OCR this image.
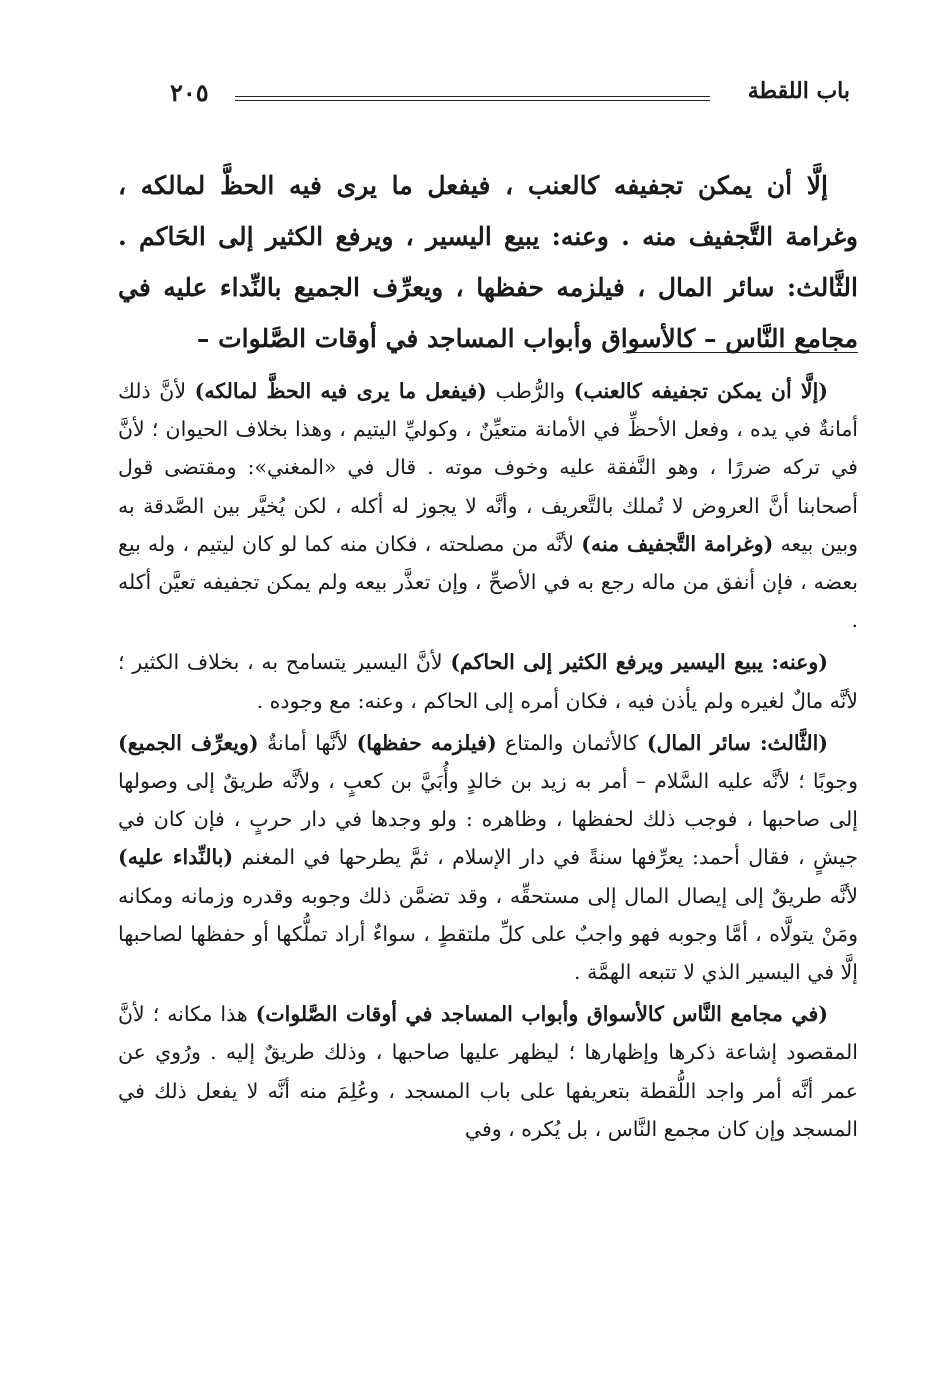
باب اللقطة
٢٠٥

إلَّا أن يمكن تجفيفه كالعنب ، فيفعل ما يرى فيه الحظَّ لمالكه ، وغرامة التَّجفيف منه . وعنه: يبيع اليسير ، ويرفع الكثير إلى الحَاكم . الثَّالث: سائر المال ، فيلزمه حفظها ، ويعرِّف الجميع بالنِّداء عليه في مجامع النَّاس – كالأسواق وأبواب المساجد في أوقات الصَّلوات –

(إلَّا أن يمكن تجفيفه كالعنب) والرُّطب (فيفعل ما يرى فيه الحظَّ لمالكه) لأنَّ ذلك أمانةٌ في يده ، وفعل الأحظِّ في الأمانة متعيِّنٌ ، وكوليِّ اليتيم ، وهذا بخلاف الحيوان ؛ لأنَّ في تركه ضررًا ، وهو النَّفقة عليه وخوف موته . قال في «المغني»: ومقتضى قول أصحابنا أنَّ العروض لا تُملك بالتَّعريف ، وأنَّه لا يجوز له أكله ، لكن يُخيَّر بين الصَّدقة به وبين بيعه (وغرامة التَّجفيف منه) لأنَّه من مصلحته ، فكان منه كما لو كان ليتيم ، وله بيع بعضه ، فإن أنفق من ماله رجع به في الأصحِّ ، وإن تعذَّر بيعه ولم يمكن تجفيفه تعيَّن أكله .

(وعنه: يبيع اليسير ويرفع الكثير إلى الحاكم) لأنَّ اليسير يتسامح به ، بخلاف الكثير ؛ لأنَّه مالٌ لغيره ولم يأذن فيه ، فكان أمره إلى الحاكم ، وعنه: مع وجوده .

(الثَّالث: سائر المال) كالأثمان والمتاع (فيلزمه حفظها) لأنَّها أمانةٌ (ويعرِّف الجميع) وجوبًا ؛ لأنَّه عليه السَّلام – أمر به زيد بن خالدٍ وأُبَيَّ بن كعبٍ ، ولأنَّه طريقٌ إلى وصولها إلى صاحبها ، فوجب ذلك لحفظها ، وظاهره : ولو وجدها في دار حربٍ ، فإن كان في جيشٍ ، فقال أحمد: يعرِّفها سنةً في دار الإسلام ، ثمَّ يطرحها في المغنم (بالنِّداء عليه) لأنَّه طريقٌ إلى إيصال المال إلى مستحقِّه ، وقد تضمَّن ذلك وجوبه وقدره وزمانه ومكانه ومَنْ يتولَّاه ، أمَّا وجوبه فهو واجبٌ على كلِّ ملتقطٍ ، سواءٌ أراد تملُّكها أو حفظها لصاحبها إلَّا في اليسير الذي لا تتبعه الهمَّة .

(في مجامع النَّاس كالأسواق وأبواب المساجد في أوقات الصَّلوات) هذا مكانه ؛ لأنَّ المقصود إشاعة ذكرها وإظهارها ؛ ليظهر عليها صاحبها ، وذلك طريقٌ إليه . ورُوي عن عمر أنَّه أمر واجد اللُّقطة بتعريفها على باب المسجد ، وعُلِمَ منه أنَّه لا يفعل ذلك في المسجد وإن كان مجمع النَّاس ، بل يُكره ، وفي
